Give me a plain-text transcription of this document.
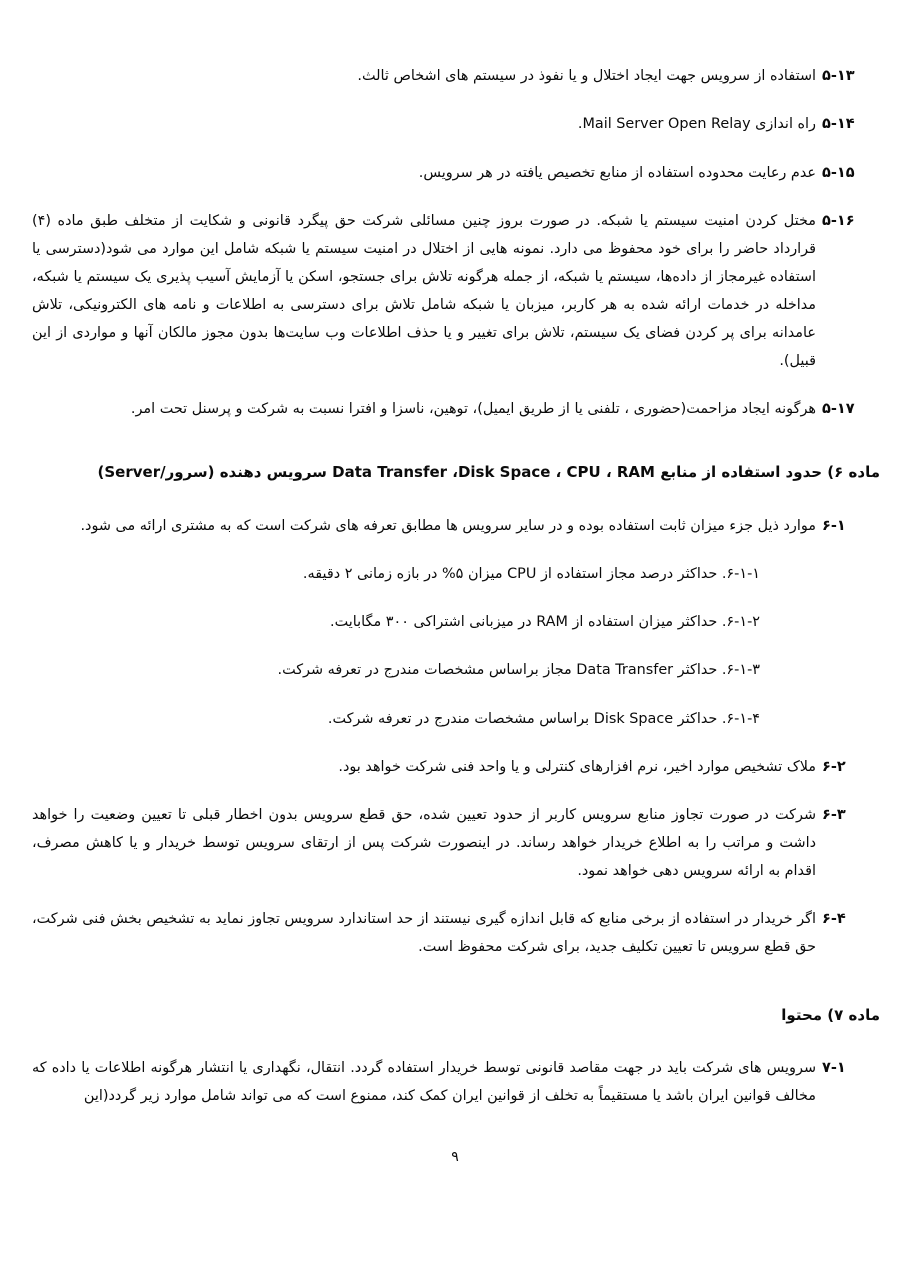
۵-۱۳
استفاده از سرویس جهت ایجاد اختلال و یا نفوذ در سیستم های اشخاص ثالث.
۵-۱۴
راه اندازی Mail Server Open Relay.
۵-۱۵
عدم رعایت محدوده استفاده از منابع تخصیص یافته در هر سرویس.
۵-۱۶
مختل کردن امنیت سیستم یا شبکه. در صورت بروز چنین مسائلی شرکت حق پیگرد قانونی و شکایت از متخلف طبق ماده (۴) قرارداد حاضر را برای خود محفوظ می دارد. نمونه هایی از اختلال در امنیت سیستم یا شبکه شامل این موارد می شود(دسترسی یا استفاده غیرمجاز از داده‌ها، سیستم یا شبکه، از جمله هرگونه تلاش برای جستجو، اسکن یا آزمایش آسیب پذیری یک سیستم یا شبکه، مداخله در خدمات ارائه شده به هر کاربر، میزبان یا شبکه شامل تلاش برای دسترسی به اطلاعات و نامه های الکترونیکی، تلاش عامدانه برای پر کردن فضای یک سیستم، تلاش برای تغییر و یا حذف اطلاعات وب سایت‌ها بدون مجوز مالکان آنها و مواردی از این قبیل).
۵-۱۷
هرگونه ایجاد مزاحمت(حضوری ، تلفنی یا از طریق ایمیل)، توهین، ناسزا و افترا نسبت به شرکت و پرسنل تحت امر.
ماده ۶) حدود استفاده از منابع Data Transfer ،Disk Space ، CPU ، RAM سرویس دهنده (سرور/Server)
۶-۱
موارد ذیل جزء میزان ثابت استفاده بوده و در سایر سرویس ها مطابق تعرفه های شرکت است که به مشتری ارائه می شود.
۶-۱-۱. حداکثر درصد مجاز استفاده از CPU میزان ۵% در بازه زمانی ۲ دقیقه.
۶-۱-۲. حداکثر میزان استفاده از RAM در میزبانی اشتراکی ۳۰۰ مگابایت.
۶-۱-۳. حداکثر Data Transfer مجاز براساس مشخصات مندرج در تعرفه شرکت.
۶-۱-۴. حداکثر Disk Space براساس مشخصات مندرج در تعرفه شرکت.
۶-۲
ملاک تشخیص موارد اخیر، نرم افزارهای کنترلی و یا واحد فنی شرکت خواهد بود.
۶-۳
شرکت در صورت تجاوز منابع سرویس کاربر از حدود تعیین شده، حق قطع سرویس بدون اخطار قبلی تا تعیین وضعیت را خواهد داشت و مراتب را به اطلاع خریدار خواهد رساند. در اینصورت شرکت پس از ارتقای سرویس توسط خریدار و یا کاهش مصرف، اقدام به ارائه سرویس دهی خواهد نمود.
۶-۴
اگر خریدار در استفاده از برخی منابع که قابل اندازه گیری نیستند از حد استاندارد سرویس تجاوز نماید به تشخیص بخش فنی شرکت، حق قطع سرویس تا تعیین تکلیف جدید، برای شرکت محفوظ است.
ماده ۷) محتوا
۷-۱
سرویس های شرکت باید در جهت مقاصد قانونی توسط خریدار استفاده گردد. انتقال، نگهداری یا انتشار هرگونه اطلاعات یا داده که مخالف قوانین ایران باشد یا مستقیماً به تخلف از قوانین ایران کمک کند، ممنوع است که می تواند شامل موارد زیر گردد(این
۹
